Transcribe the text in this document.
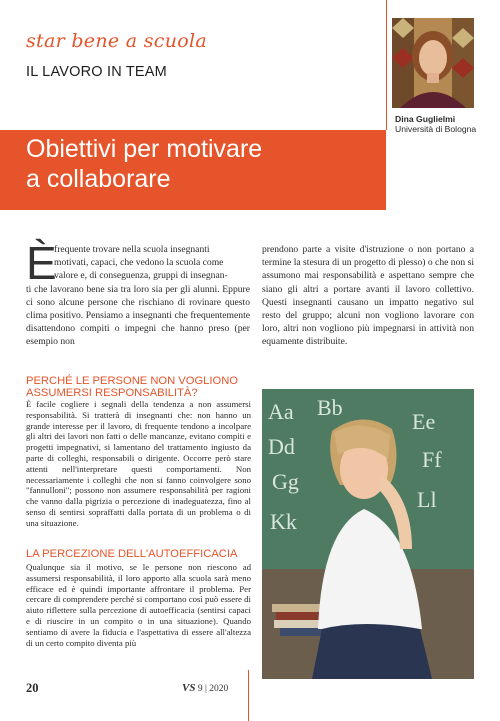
star bene a scuola
IL LAVORO IN TEAM
Dina Guglielmi
Università di Bologna
Obiettivi per motivare
a collaborare
È

frequente trovare nella scuola insegnanti

motivati, capaci, che vedono la scuola come

valore e, di conseguenza, gruppi di insegnan-

ti che lavorano bene sia tra loro sia per gli alunni. Eppure ci sono alcune persone che rischiano di rovinare questo clima positivo. Pensiamo a insegnanti che frequentemente disattendono compiti o impegni che hanno preso (per esempio non

prendono parte a visite d'istruzione o non portano a termine la stesura di un progetto di plesso) o che non si assumono mai responsabilità e aspettano sempre che siano gli altri a portare avanti il lavoro collettivo. Questi insegnanti causano un impatto negativo sul resto del gruppo; alcuni non vogliono lavorare con loro, altri non vogliono più impegnarsi in attività non equamente distribuite.

PERCHÉ LE PERSONE NON VOGLIONO
ASSUMERSI RESPONSABILITÀ?

È facile cogliere i segnali della tendenza a non assumersi responsabilità. Si tratterà di insegnanti che: non hanno un grande interesse per il lavoro, di frequente tendono a incolpare gli altri dei lavori non fatti o delle mancanze, evitano compiti e progetti impegnativi, si lamentano del trattamento ingiusto da parte di colleghi, responsabili o dirigente. Occorre però stare attenti nell'interpretare questi comportamenti. Non necessariamente i colleghi che non si fanno coinvolgere sono "fannulloni"; possono non assumere responsabilità per ragioni che vanno dalla pigrizia o percezione di inadeguatezza, fino al senso di sentirsi sopraffatti dalla portata di un problema o di una situazione.

LA PERCEZIONE DELL'AUTOEFFICACIA

Qualunque sia il motivo, se le persone non riescono ad assumersi responsabilità, il loro apporto alla scuola sarà meno efficace ed è quindi importante affrontare il problema. Per cercare di comprendere perché si comportano così può essere di aiuto riflettere sulla percezione di autoefficacia (sentirsi capaci e di riuscire in un compito o in una situazione). Quando sentiamo di avere la fiducia e l'aspettativa di essere all'altezza di un certo compito diventa più

Aa Bb
Dd
Gg
Ee
Ff
Ll
Kk
20	VS 9 | 2020
